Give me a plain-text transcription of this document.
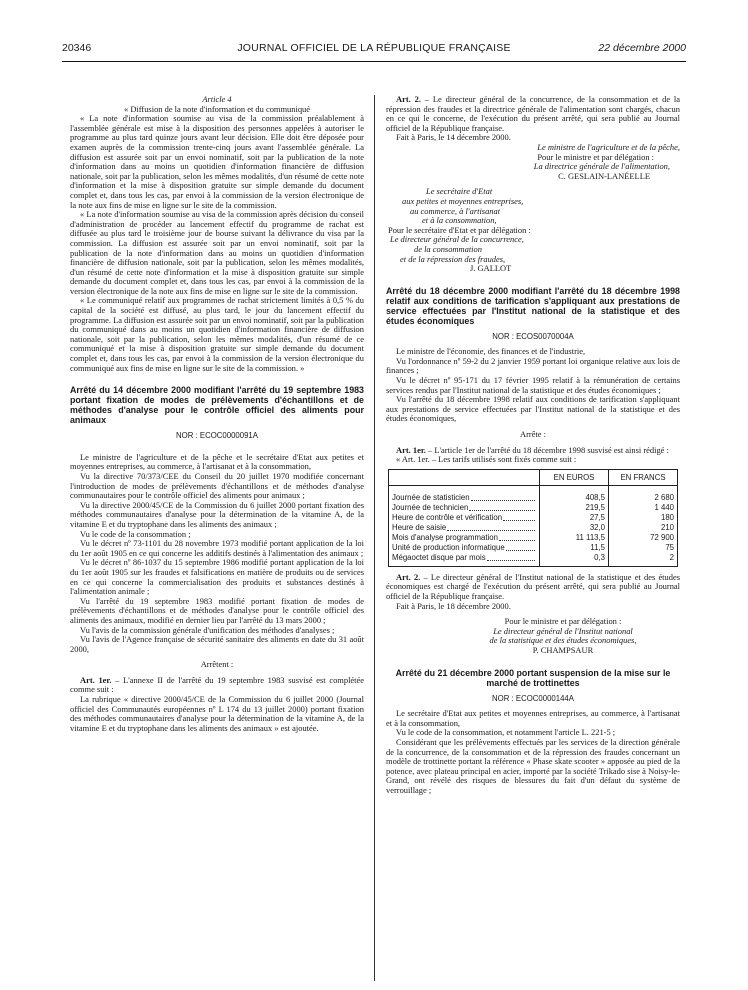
20346	JOURNAL OFFICIEL DE LA RÉPUBLIQUE FRANÇAISE	22 décembre 2000

Article 4

« Diffusion de la note d'information et du communiqué

« La note d'information soumise au visa de la commission préalablement à l'assemblée générale est mise à la disposition des personnes appelées à autoriser le programme au plus tard quinze jours avant leur décision. Elle doit être déposée pour examen auprès de la commission trente-cinq jours avant l'assemblée générale. La diffusion est assurée soit par un envoi nominatif, soit par la publication de la note d'information dans au moins un quotidien d'information financière de diffusion nationale, soit par la publication, selon les mêmes modalités, d'un résumé de cette note d'information et la mise à disposition gratuite sur simple demande du document complet et, dans tous les cas, par envoi à la commission de la version électronique de la note aux fins de mise en ligne sur le site de la commission.

« La note d'information soumise au visa de la commission après décision du conseil d'administration de procéder au lancement effectif du programme de rachat est diffusée au plus tard le troisième jour de bourse suivant la délivrance du visa par la commission. La diffusion est assurée soit par un envoi nominatif, soit par la publication de la note d'information dans au moins un quotidien d'information financière de diffusion nationale, soit par la publication, selon les mêmes modalités, d'un résumé de cette note d'information et la mise à disposition gratuite sur simple demande du document complet et, dans tous les cas, par envoi à la commission de la version électronique de la note aux fins de mise en ligne sur le site de la commission.

« Le communiqué relatif aux programmes de rachat strictement limités à 0,5 % du capital de la société est diffusé, au plus tard, le jour du lancement effectif du programme. La diffusion est assurée soit par un envoi nominatif, soit par la publication du communiqué dans au moins un quotidien d'information financière de diffusion nationale, soit par la publication, selon les mêmes modalités, d'un résumé de ce communiqué et la mise à disposition gratuite sur simple demande du document complet et, dans tous les cas, par envoi à la commission de la version électronique du communiqué aux fins de mise en ligne sur le site de la commission. »

Arrêté du 14 décembre 2000 modifiant l'arrêté du 19 septembre 1983 portant fixation de modes de prélèvements d'échantillons et de méthodes d'analyse pour le contrôle officiel des aliments pour animaux

NOR : ECOC0000091A

Le ministre de l'agriculture et de la pêche et le secrétaire d'Etat aux petites et moyennes entreprises, au commerce, à l'artisanat et à la consommation,

Vu la directive 70/373/CEE du Conseil du 20 juillet 1970 modifiée concernant l'introduction de modes de prélèvements d'échantillons et de méthodes d'analyse communautaires pour le contrôle officiel des aliments pour animaux ;

Vu la directive 2000/45/CE de la Commission du 6 juillet 2000 portant fixation des méthodes communautaires d'analyse pour la détermination de la vitamine A, de la vitamine E et du tryptophane dans les aliments des animaux ;

Vu le code de la consommation ;

Vu le décret nº 73-1101 du 28 novembre 1973 modifié portant application de la loi du 1er août 1905 en ce qui concerne les additifs destinés à l'alimentation des animaux ;

Vu le décret nº 86-1037 du 15 septembre 1986 modifié portant application de la loi du 1er août 1905 sur les fraudes et falsifications en matière de produits ou de services en ce qui concerne la commercialisation des produits et substances destinés à l'alimentation animale ;

Vu l'arrêté du 19 septembre 1983 modifié portant fixation de modes de prélèvements d'échantillons et de méthodes d'analyse pour le contrôle officiel des aliments des animaux, modifié en dernier lieu par l'arrêté du 13 mars 2000 ;

Vu l'avis de la commission générale d'unification des méthodes d'analyses ;

Vu l'avis de l'Agence française de sécurité sanitaire des aliments en date du 31 août 2000,

Arrêtent :

Art. 1er. – L'annexe II de l'arrêté du 19 septembre 1983 susvisé est complétée comme suit :

La rubrique « directive 2000/45/CE de la Commission du 6 juillet 2000 (Journal officiel des Communautés européennes nº L 174 du 13 juillet 2000) portant fixation des méthodes communautaires d'analyse pour la détermination de la vitamine A, de la vitamine E et du tryptophane dans les aliments des animaux » est ajoutée.

Art. 2. – Le directeur général de la concurrence, de la consommation et de la répression des fraudes et la directrice générale de l'alimentation sont chargés, chacun en ce qui le concerne, de l'exécution du présent arrêté, qui sera publié au Journal officiel de la République française.

Fait à Paris, le 14 décembre 2000.

Le ministre de l'agriculture et de la pêche,

Pour le ministre et par délégation :

La directrice générale de l'alimentation,

C. GESLAIN-LANÉELLE

Le secrétaire d'Etat

aux petites et moyennes entreprises,

au commerce, à l'artisanat

et à la consommation,

Pour le secrétaire d'Etat et par délégation :

Le directeur général de la concurrence,

de la consommation

et de la répression des fraudes,

J. GALLOT

Arrêté du 18 décembre 2000 modifiant l'arrêté du 18 décembre 1998 relatif aux conditions de tarification s'appliquant aux prestations de service effectuées par l'Institut national de la statistique et des études économiques

NOR : ECOS0070004A

Le ministre de l'économie, des finances et de l'industrie,

Vu l'ordonnance nº 59-2 du 2 janvier 1959 portant loi organique relative aux lois de finances ;

Vu le décret nº 95-171 du 17 février 1995 relatif à la rémunération de certains services rendus par l'Institut national de la statistique et des études économiques ;

Vu l'arrêté du 18 décembre 1998 relatif aux conditions de tarification s'appliquant aux prestations de service effectuées par l'Institut national de la statistique et des études économiques,

Arrête :

Art. 1er. – L'article 1er de l'arrêté du 18 décembre 1998 susvisé est ainsi rédigé :

« Art. 1er. – Les tarifs utilisés sont fixés comme suit :

	EN EUROS	EN FRANCS

Journée de statisticien	408,5	2 680

Journée de technicien	219,5	1 440

Heure de contrôle et vérification	27,5	180

Heure de saisie	32,0	210

Mois d'analyse programmation	11 113,5	72 900

Unité de production informatique	11,5	75

Mégaoctet disque par mois	0,3	2

Art. 2. – Le directeur général de l'Institut national de la statistique et des études économiques est chargé de l'exécution du présent arrêté, qui sera publié au Journal officiel de la République française.

Fait à Paris, le 18 décembre 2000.

Pour le ministre et par délégation :

Le directeur général de l'Institut national

de la statistique et des études économiques,

P. CHAMPSAUR

Arrêté du 21 décembre 2000 portant suspension de la mise sur le marché de trottinettes

NOR : ECOC0000144A

Le secrétaire d'Etat aux petites et moyennes entreprises, au commerce, à l'artisanat et à la consommation,

Vu le code de la consommation, et notamment l'article L. 221-5 ;

Considérant que les prélèvements effectués par les services de la direction générale de la concurrence, de la consommation et de la répression des fraudes concernant un modèle de trottinette portant la référence « Phase skate scooter » apposée au pied de la potence, avec plateau principal en acier, importé par la société Trikado sise à Noisy-le-Grand, ont révélé des risques de blessures du fait d'un défaut du système de verrouillage ;
